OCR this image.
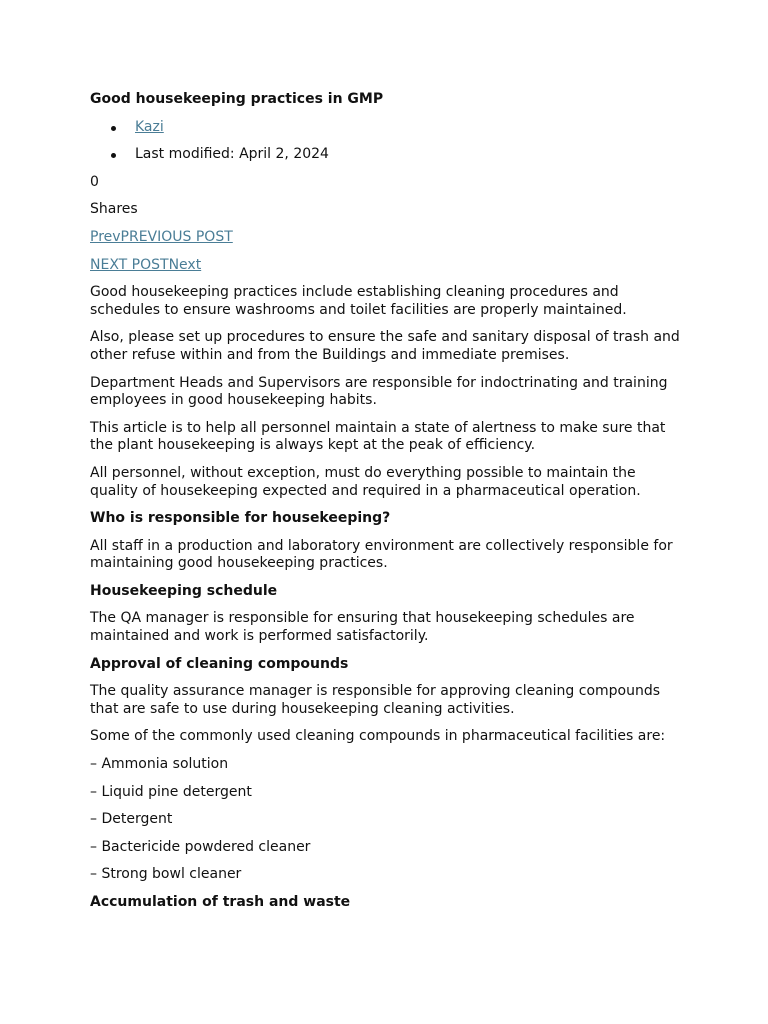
Good housekeeping practices in GMP
Kazi
Last modified: April 2, 2024

0

Shares

PrevPREVIOUS POST

NEXT POSTNext

Good housekeeping practices include establishing cleaning procedures and schedules to ensure washrooms and toilet facilities are properly maintained.

Also, please set up procedures to ensure the safe and sanitary disposal of trash and other refuse within and from the Buildings and immediate premises.

Department Heads and Supervisors are responsible for indoctrinating and training employees in good housekeeping habits.

This article is to help all personnel maintain a state of alertness to make sure that the plant housekeeping is always kept at the peak of efficiency.

All personnel, without exception, must do everything possible to maintain the quality of housekeeping expected and required in a pharmaceutical operation.

Who is responsible for housekeeping?

All staff in a production and laboratory environment are collectively responsible for maintaining good housekeeping practices.

Housekeeping schedule

The QA manager is responsible for ensuring that housekeeping schedules are maintained and work is performed satisfactorily.

Approval of cleaning compounds

The quality assurance manager is responsible for approving cleaning compounds that are safe to use during housekeeping cleaning activities.

Some of the commonly used cleaning compounds in pharmaceutical facilities are:

– Ammonia solution

– Liquid pine detergent

– Detergent

– Bactericide powdered cleaner

– Strong bowl cleaner

Accumulation of trash and waste
